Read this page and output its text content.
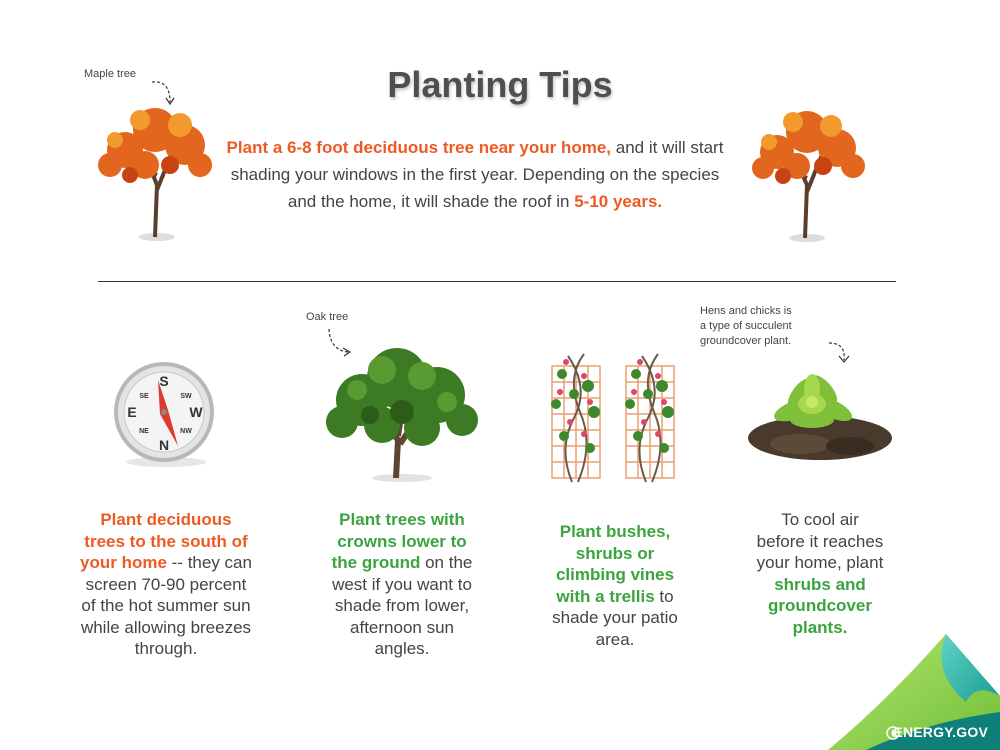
Planting Tips
Maple tree
Plant a 6-8 foot deciduous tree near your home, and it will start shading your windows in the first year. Depending on the species and the home, it will shade the roof in 5-10 years.
Oak tree	Hens and chicks is
a type of succulent
groundcover plant.
S
N
W
E
SE	SW
NE	NW
Plant deciduous trees to the south of your home -- they can screen 70-90 percent of the hot summer sun while allowing breezes through.
Plant trees with crowns lower to the ground on the west if you want to shade from lower, afternoon sun angles.
Plant bushes, shrubs or climbing vines with a trellis to shade your patio area.
To cool air before it reaches your home, plant shrubs and groundcover plants.
ENERGY.GOV
